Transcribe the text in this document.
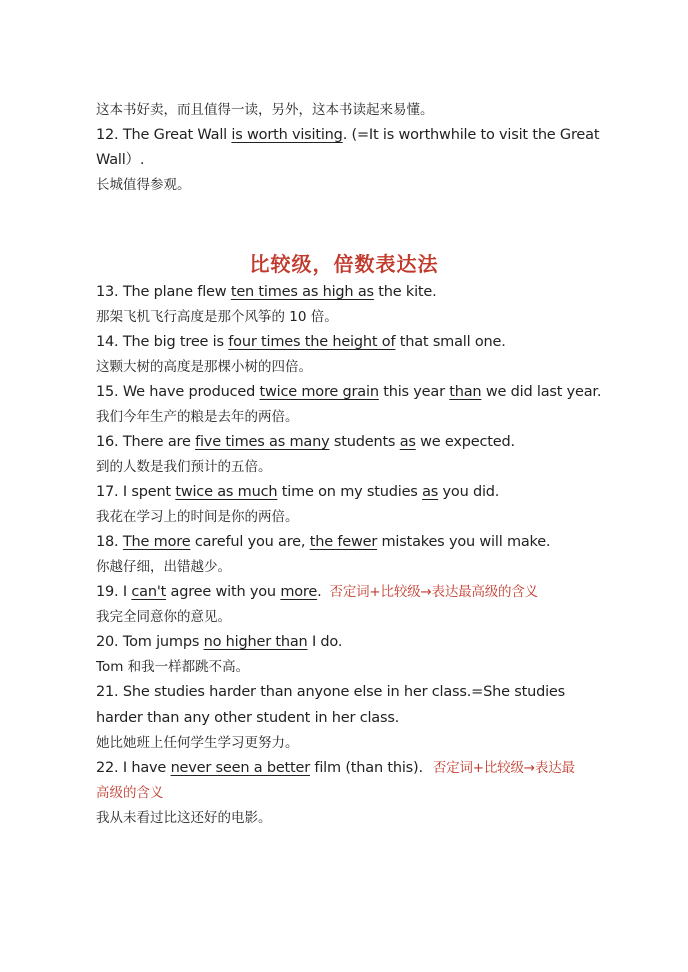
这本书好卖，而且值得一读，另外，这本书读起来易懂。
12. The Great Wall is worth visiting. (=It is worthwhile to visit the Great
Wall）.
长城值得参观。
比较级，倍数表达法
13. The plane flew ten times as high as the kite.
那架飞机飞行高度是那个风筝的 10 倍。
14. The big tree is four times the height of that small one.
这颗大树的高度是那棵小树的四倍。
15. We have produced twice more grain this year than we did last year.
我们今年生产的粮是去年的两倍。
16. There are five times as many students as we expected.
到的人数是我们预计的五倍。
17. I spent twice as much time on my studies as you did.
我花在学习上的时间是你的两倍。
18. The more careful you are, the fewer mistakes you will make．
你越仔细，出错越少。
19. I can't agree with you more. 否定词+比较级→表达最高级的含义
我完全同意你的意见。
20. Tom jumps no higher than I do.
Tom 和我一样都跳不高。
21. She studies harder than anyone else in her class.=She studies
harder than any other student in her class.
她比她班上任何学生学习更努力。
22. I have never seen a better film (than this). 否定词+比较级→表达最
高级的含义
我从未看过比这还好的电影。
